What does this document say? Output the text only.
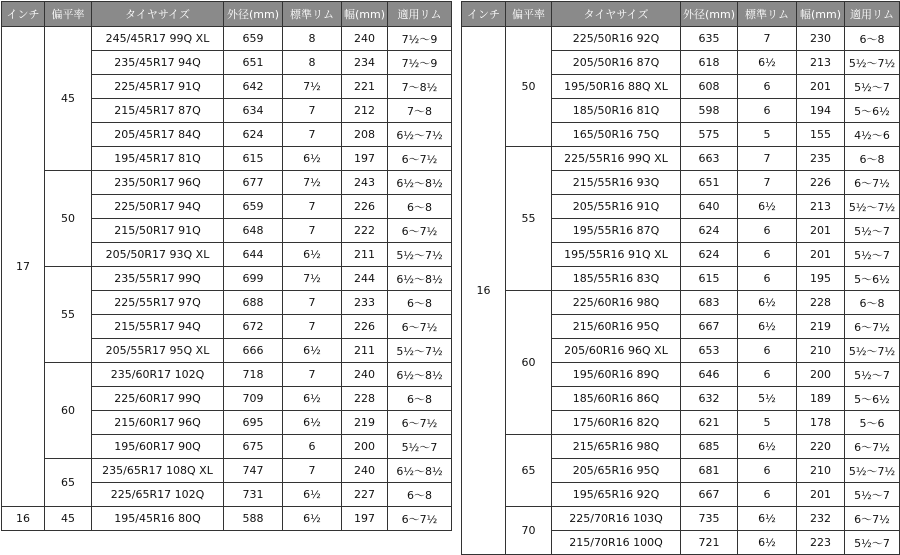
インチ	偏平率	タイヤサイズ	外径(mm)	標準リム	幅(mm)	適用リム
17	45	245/45R17 99Q XL	659	8	240	7½〜9
		235/45R17 94Q	651	8	234	7½〜9
		225/45R17 91Q	642	7½	221	7〜8½
		215/45R17 87Q	634	7	212	7〜8
		205/45R17 84Q	624	7	208	6½〜7½
		195/45R17 81Q	615	6½	197	6〜7½
	50	235/50R17 96Q	677	7½	243	6½〜8½
		225/50R17 94Q	659	7	226	6〜8
		215/50R17 91Q	648	7	222	6〜7½
		205/50R17 93Q XL	644	6½	211	5½〜7½
	55	235/55R17 99Q	699	7½	244	6½〜8½
		225/55R17 97Q	688	7	233	6〜8
		215/55R17 94Q	672	7	226	6〜7½
		205/55R17 95Q XL	666	6½	211	5½〜7½
	60	235/60R17 102Q	718	7	240	6½〜8½
		225/60R17 99Q	709	6½	228	6〜8
		215/60R17 96Q	695	6½	219	6〜7½
		195/60R17 90Q	675	6	200	5½〜7
	65	235/65R17 108Q XL	747	7	240	6½〜8½
		225/65R17 102Q	731	6½	227	6〜8
16	45	195/45R16 80Q	588	6½	197	6〜7½
インチ	偏平率	タイヤサイズ	外径(mm)	標準リム	幅(mm)	適用リム
16	50	225/50R16 92Q	635	7	230	6〜8
		205/50R16 87Q	618	6½	213	5½〜7½
		195/50R16 88Q XL	608	6	201	5½〜7
		185/50R16 81Q	598	6	194	5〜6½
		165/50R16 75Q	575	5	155	4½〜6
	55	225/55R16 99Q XL	663	7	235	6〜8
		215/55R16 93Q	651	7	226	6〜7½
		205/55R16 91Q	640	6½	213	5½〜7½
		195/55R16 87Q	624	6	201	5½〜7
		195/55R16 91Q XL	624	6	201	5½〜7
		185/55R16 83Q	615	6	195	5〜6½
	60	225/60R16 98Q	683	6½	228	6〜8
		215/60R16 95Q	667	6½	219	6〜7½
		205/60R16 96Q XL	653	6	210	5½〜7½
		195/60R16 89Q	646	6	200	5½〜7
		185/60R16 86Q	632	5½	189	5〜6½
		175/60R16 82Q	621	5	178	5〜6
	65	215/65R16 98Q	685	6½	220	6〜7½
		205/65R16 95Q	681	6	210	5½〜7½
		195/65R16 92Q	667	6	201	5½〜7
	70	225/70R16 103Q	735	6½	232	6〜7½
		215/70R16 100Q	721	6½	223	5½〜7
